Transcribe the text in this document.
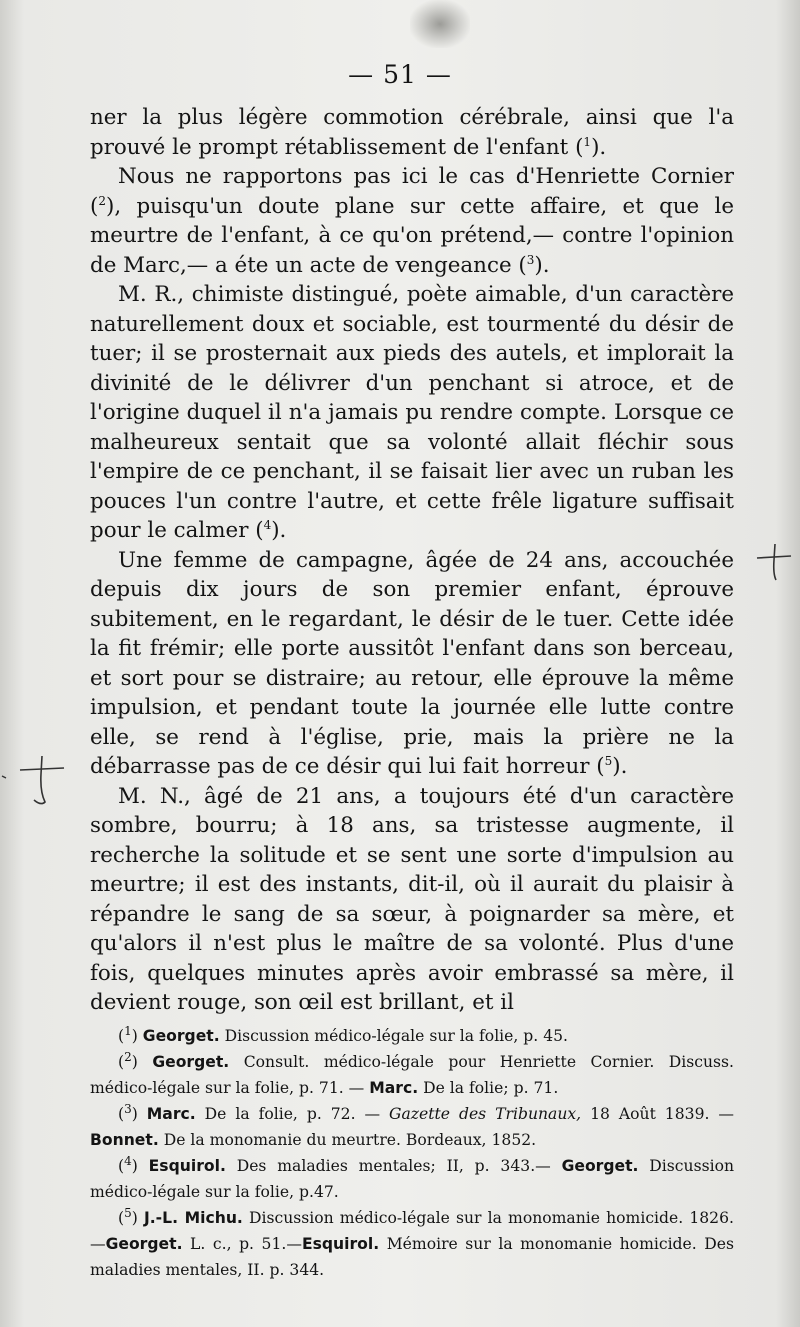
— 51 —

ner la plus légère commotion cérébrale, ainsi que l'a prouvé le prompt rétablissement de l'enfant ($^1$).

Nous ne rapportons pas ici le cas d'Henriette Cornier ($^2$), puisqu'un doute plane sur cette affaire, et que le meurtre de l'enfant, à ce qu'on prétend,— contre l'opinion de Marc,— a éte un acte de vengeance ($^3$).

M. R., chimiste distingué, poète aimable, d'un caractère naturellement doux et sociable, est tourmenté du désir de tuer; il se prosternait aux pieds des autels, et implorait la divinité de le délivrer d'un penchant si atroce, et de l'origine duquel il n'a jamais pu rendre compte. Lorsque ce malheureux sentait que sa volonté allait fléchir sous l'empire de ce penchant, il se faisait lier avec un ruban les pouces l'un contre l'autre, et cette frêle ligature suffisait pour le calmer ($^4$).

Une femme de campagne, âgée de 24 ans, accouchée depuis dix jours de son premier enfant, éprouve subitement, en le regardant, le désir de le tuer. Cette idée la fit frémir; elle porte aussitôt l'enfant dans son berceau, et sort pour se distraire; au retour, elle éprouve la même impulsion, et pendant toute la journée elle lutte contre elle, se rend à l'église, prie, mais la prière ne la débarrasse pas de ce désir qui lui fait horreur ($^5$).

M. N., âgé de 21 ans, a toujours été d'un caractère sombre, bourru; à 18 ans, sa tristesse augmente, il recherche la solitude et se sent une sorte d'impulsion au meurtre; il est des instants, dit-il, où il aurait du plaisir à répandre le sang de sa sœur, à poignarder sa mère, et qu'alors il n'est plus le maître de sa volonté. Plus d'une fois, quelques minutes après avoir embrassé sa mère, il devient rouge, son œil est brillant, et il

($^1$) Georget. Discussion médico-légale sur la folie, p. 45.

($^2$) Georget. Consult. médico-légale pour Henriette Cornier. Discuss. médico-légale sur la folie, p. 71. — Marc. De la folie; p. 71.

($^3$) Marc. De la folie, p. 72. — Gazette des Tribunaux, 18 Août 1839. — Bonnet. De la monomanie du meurtre. Bordeaux, 1852.

($^4$) Esquirol. Des maladies mentales; II, p. 343.— Georget. Discussion médico-légale sur la folie, p.47.

($^5$) J.-L. Michu. Discussion médico-légale sur la monomanie homicide. 1826. —Georget. L. c., p. 51.—Esquirol. Mémoire sur la monomanie homicide. Des maladies mentales, II. p. 344.
